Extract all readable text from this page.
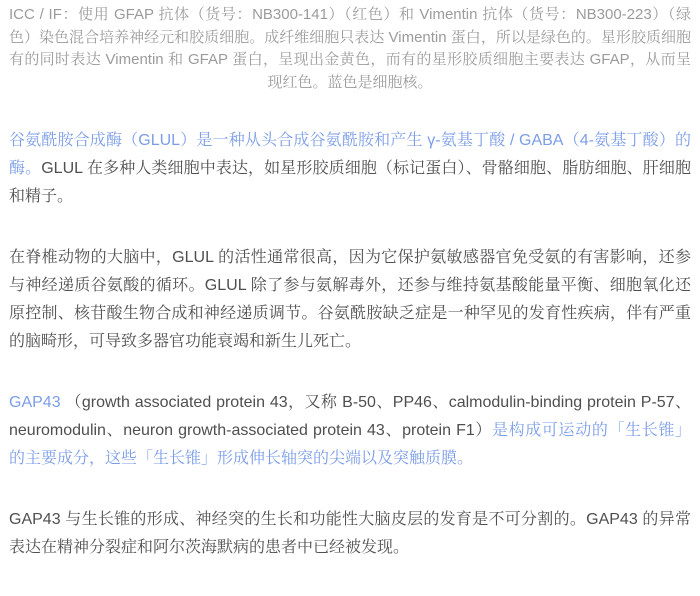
ICC / IF：使用 GFAP 抗体（货号：NB300-141）（红色）和 Vimentin 抗体（货号：NB300-223）（绿色）染色混合培养神经元和胶质细胞。成纤维细胞只表达 Vimentin 蛋白，所以是绿色的。星形胶质细胞有的同时表达 Vimentin 和 GFAP 蛋白，呈现出金黄色，而有的星形胶质细胞主要表达 GFAP，从而呈现红色。蓝色是细胞核。

谷氨酰胺合成酶（GLUL）是一种从头合成谷氨酰胺和产生 γ-氨基丁酸 / GABA（4-氨基丁酸）的酶。GLUL 在多种人类细胞中表达，如星形胶质细胞（标记蛋白）、骨骼细胞、脂肪细胞、肝细胞和精子。

在脊椎动物的大脑中，GLUL 的活性通常很高，因为它保护氨敏感器官免受氨的有害影响，还参与神经递质谷氨酸的循环。GLUL 除了参与氨解毒外，还参与维持氨基酸能量平衡、细胞氧化还原控制、核苷酸生物合成和神经递质调节。谷氨酰胺缺乏症是一种罕见的发育性疾病，伴有严重的脑畸形，可导致多器官功能衰竭和新生儿死亡。

GAP43 （growth associated protein 43，又称 B-50、PP46、calmodulin-binding protein P-57、neuromodulin、neuron growth-associated protein 43、protein F1）是构成可运动的「生长锥」的主要成分，这些「生长锥」形成伸长轴突的尖端以及突触质膜。

GAP43 与生长锥的形成、神经突的生长和功能性大脑皮层的发育是不可分割的。GAP43 的异常表达在精神分裂症和阿尔茨海默病的患者中已经被发现。
